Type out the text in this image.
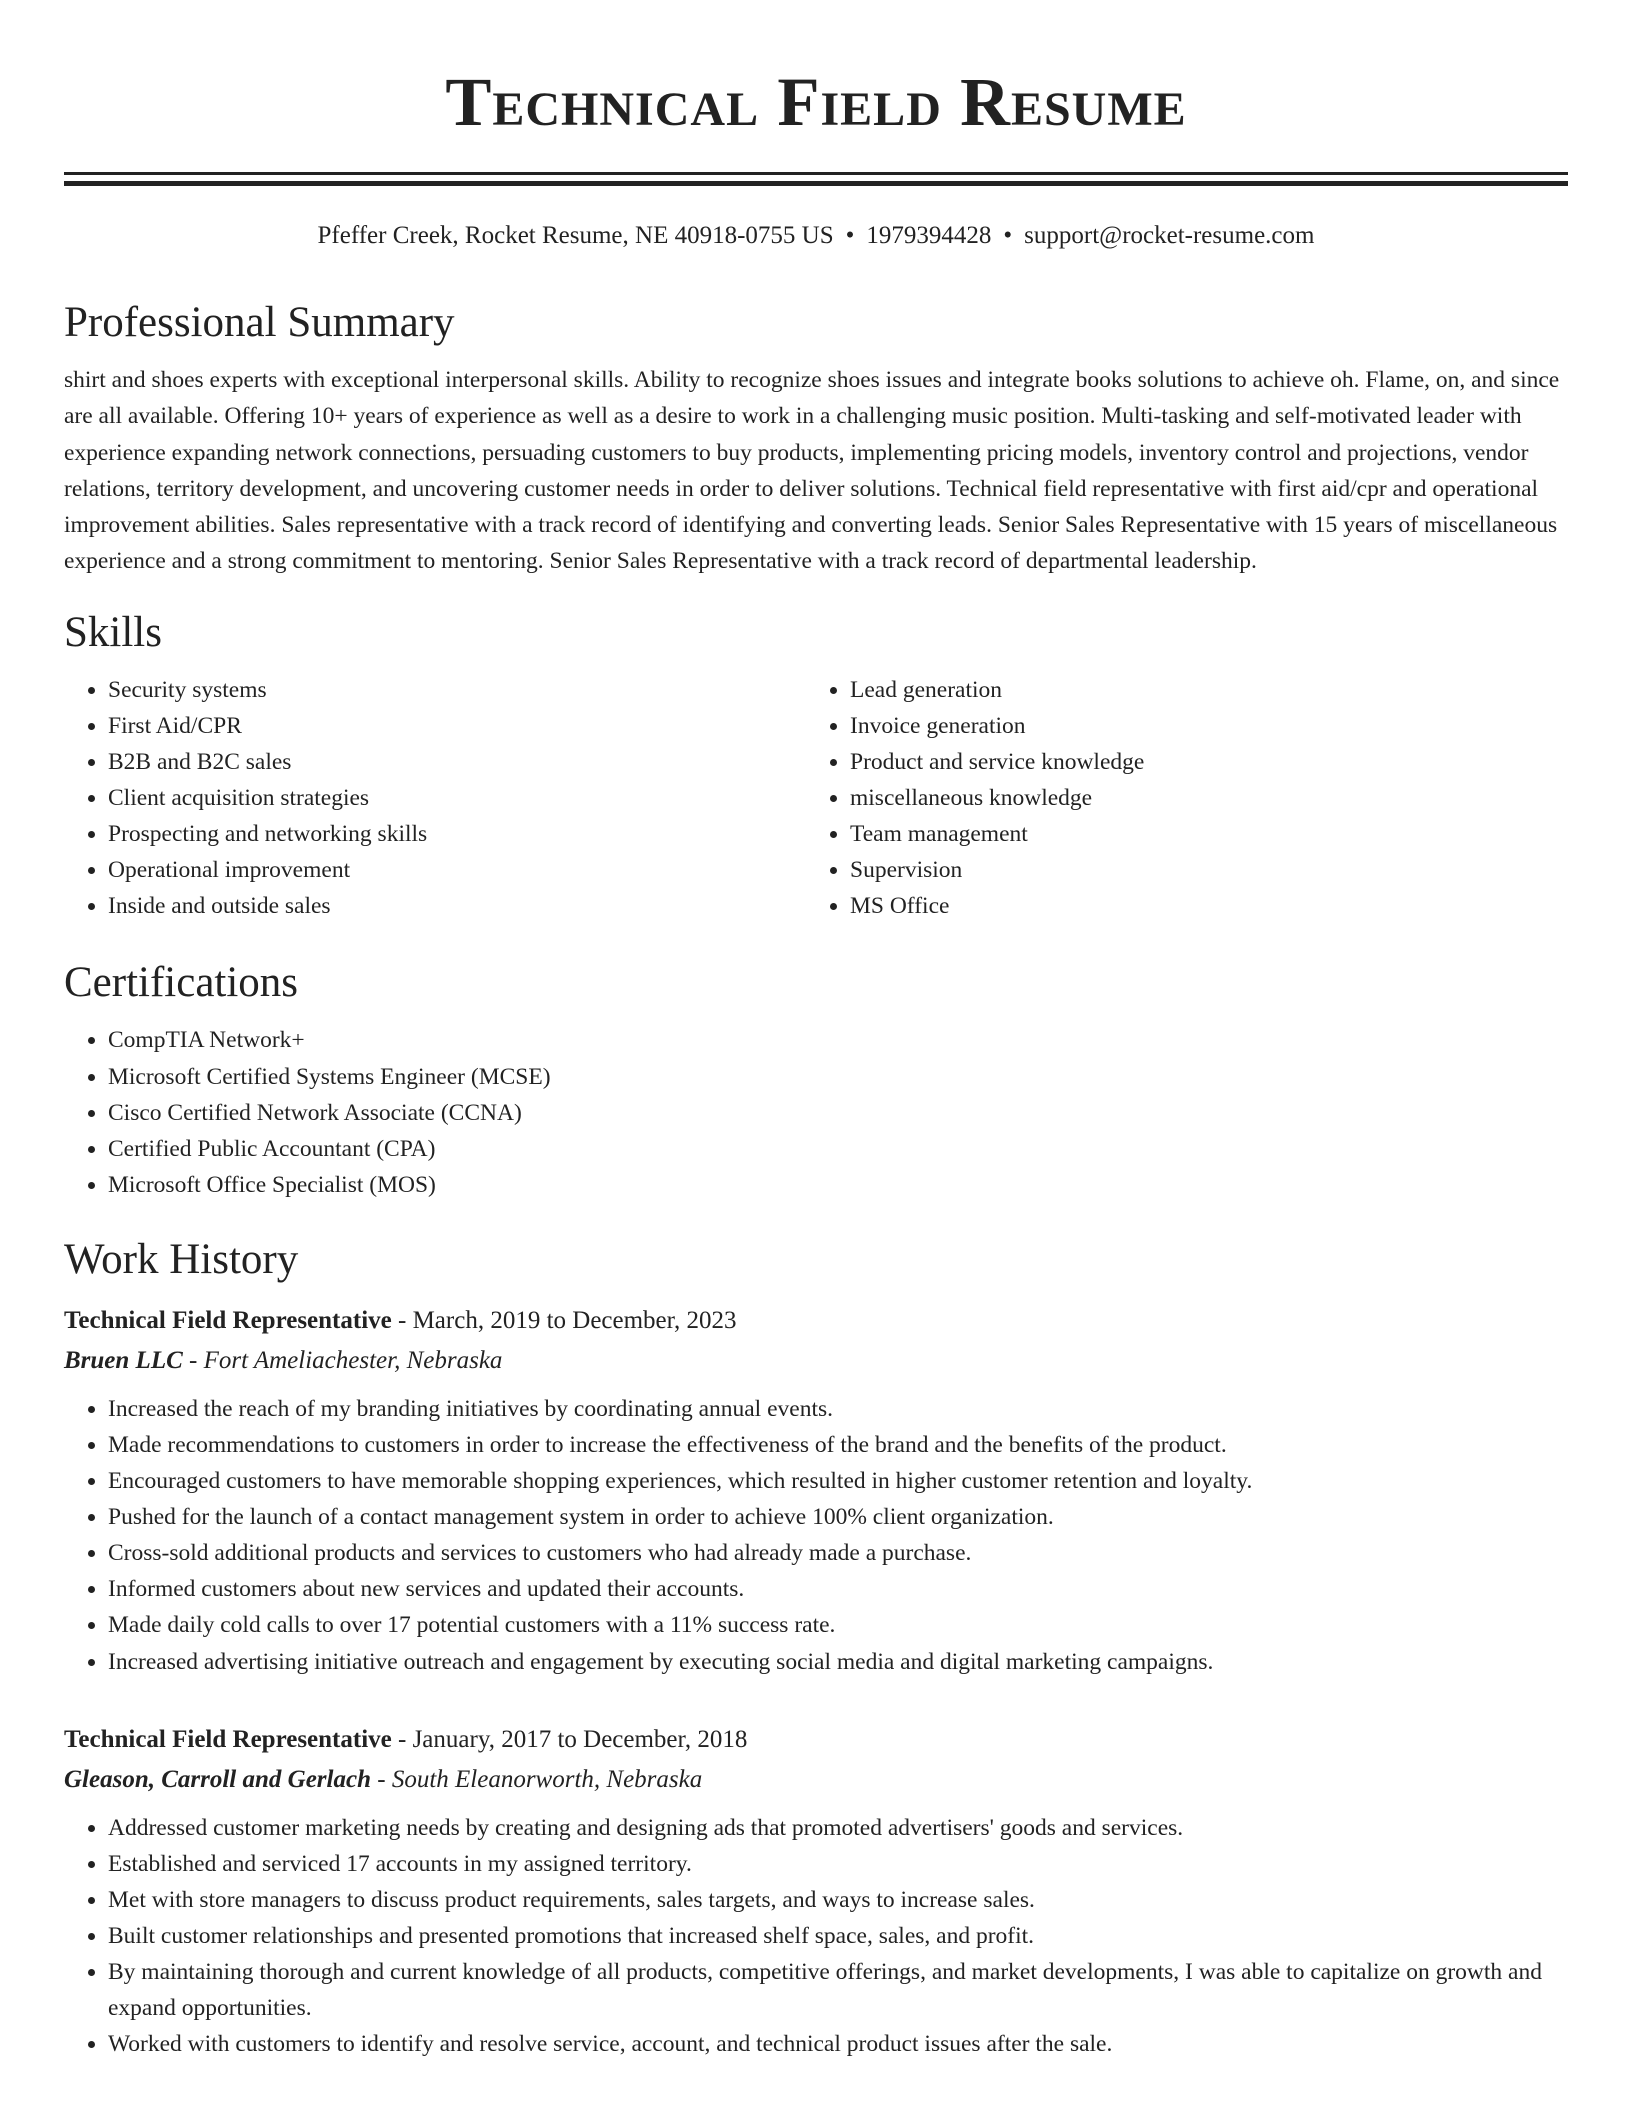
Technical Field Resume
Pfeffer Creek, Rocket Resume, NE 40918-0755 US • 1979394428 • support@rocket-resume.com
Professional Summary

shirt and shoes experts with exceptional interpersonal skills. Ability to recognize shoes issues and integrate books solutions to achieve oh. Flame, on, and since are all available. Offering 10+ years of experience as well as a desire to work in a challenging music position. Multi-tasking and self-motivated leader with experience expanding network connections, persuading customers to buy products, implementing pricing models, inventory control and projections, vendor relations, territory development, and uncovering customer needs in order to deliver solutions. Technical field representative with first aid/cpr and operational improvement abilities. Sales representative with a track record of identifying and converting leads. Senior Sales Representative with 15 years of miscellaneous experience and a strong commitment to mentoring. Senior Sales Representative with a track record of departmental leadership.

Skills
• Security systems
• First Aid/CPR
• B2B and B2C sales
• Client acquisition strategies
• Prospecting and networking skills
• Operational improvement
• Inside and outside sales
• Lead generation
• Invoice generation
• Product and service knowledge
• miscellaneous knowledge
• Team management
• Supervision
• MS Office
Certifications
• CompTIA Network+
• Microsoft Certified Systems Engineer (MCSE)
• Cisco Certified Network Associate (CCNA)
• Certified Public Accountant (CPA)
• Microsoft Office Specialist (MOS)
Work History
Technical Field Representative - March, 2019 to December, 2023
Bruen LLC - Fort Ameliachester, Nebraska
• Increased the reach of my branding initiatives by coordinating annual events.
• Made recommendations to customers in order to increase the effectiveness of the brand and the benefits of the product.
• Encouraged customers to have memorable shopping experiences, which resulted in higher customer retention and loyalty.
• Pushed for the launch of a contact management system in order to achieve 100% client organization.
• Cross-sold additional products and services to customers who had already made a purchase.
• Informed customers about new services and updated their accounts.
• Made daily cold calls to over 17 potential customers with a 11% success rate.
• Increased advertising initiative outreach and engagement by executing social media and digital marketing campaigns.
Technical Field Representative - January, 2017 to December, 2018
Gleason, Carroll and Gerlach - South Eleanorworth, Nebraska
• Addressed customer marketing needs by creating and designing ads that promoted advertisers' goods and services.
• Established and serviced 17 accounts in my assigned territory.
• Met with store managers to discuss product requirements, sales targets, and ways to increase sales.
• Built customer relationships and presented promotions that increased shelf space, sales, and profit.
• By maintaining thorough and current knowledge of all products, competitive offerings, and market developments, I was able to capitalize on growth and expand opportunities.
• Worked with customers to identify and resolve service, account, and technical product issues after the sale.
